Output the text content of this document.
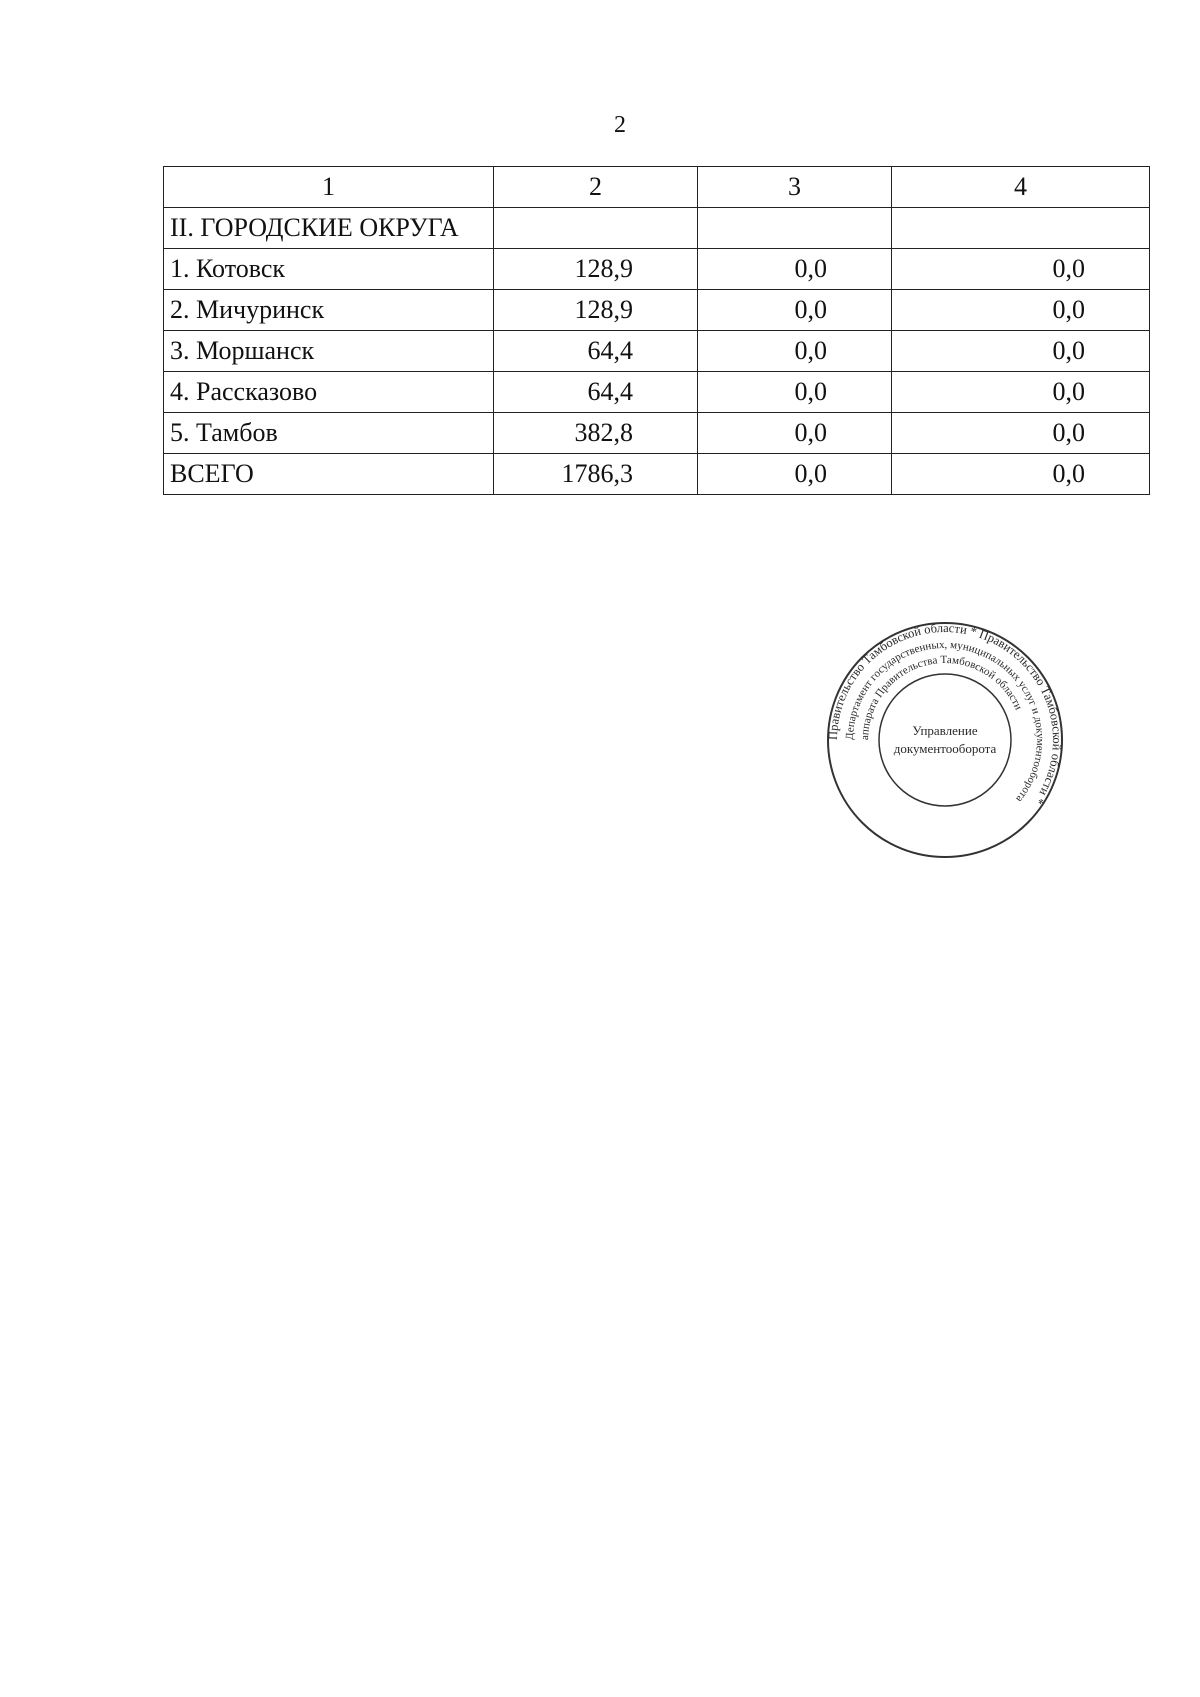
2
1	2	3	4
II. ГОРОДСКИЕ ОКРУГА			
1. Котовск	128,9	0,0	0,0
2. Мичуринск	128,9	0,0	0,0
3. Моршанск	64,4	0,0	0,0
4. Рассказово	64,4	0,0	0,0
5. Тамбов	382,8	0,0	0,0
ВСЕГО	1786,3	0,0	0,0
Правительство Тамбовской области * Правительство Тамбовской области *
Департамент государственных, муниципальных услуг и документооборота
аппарата Правительства Тамбовской области
Управление
документооборота
